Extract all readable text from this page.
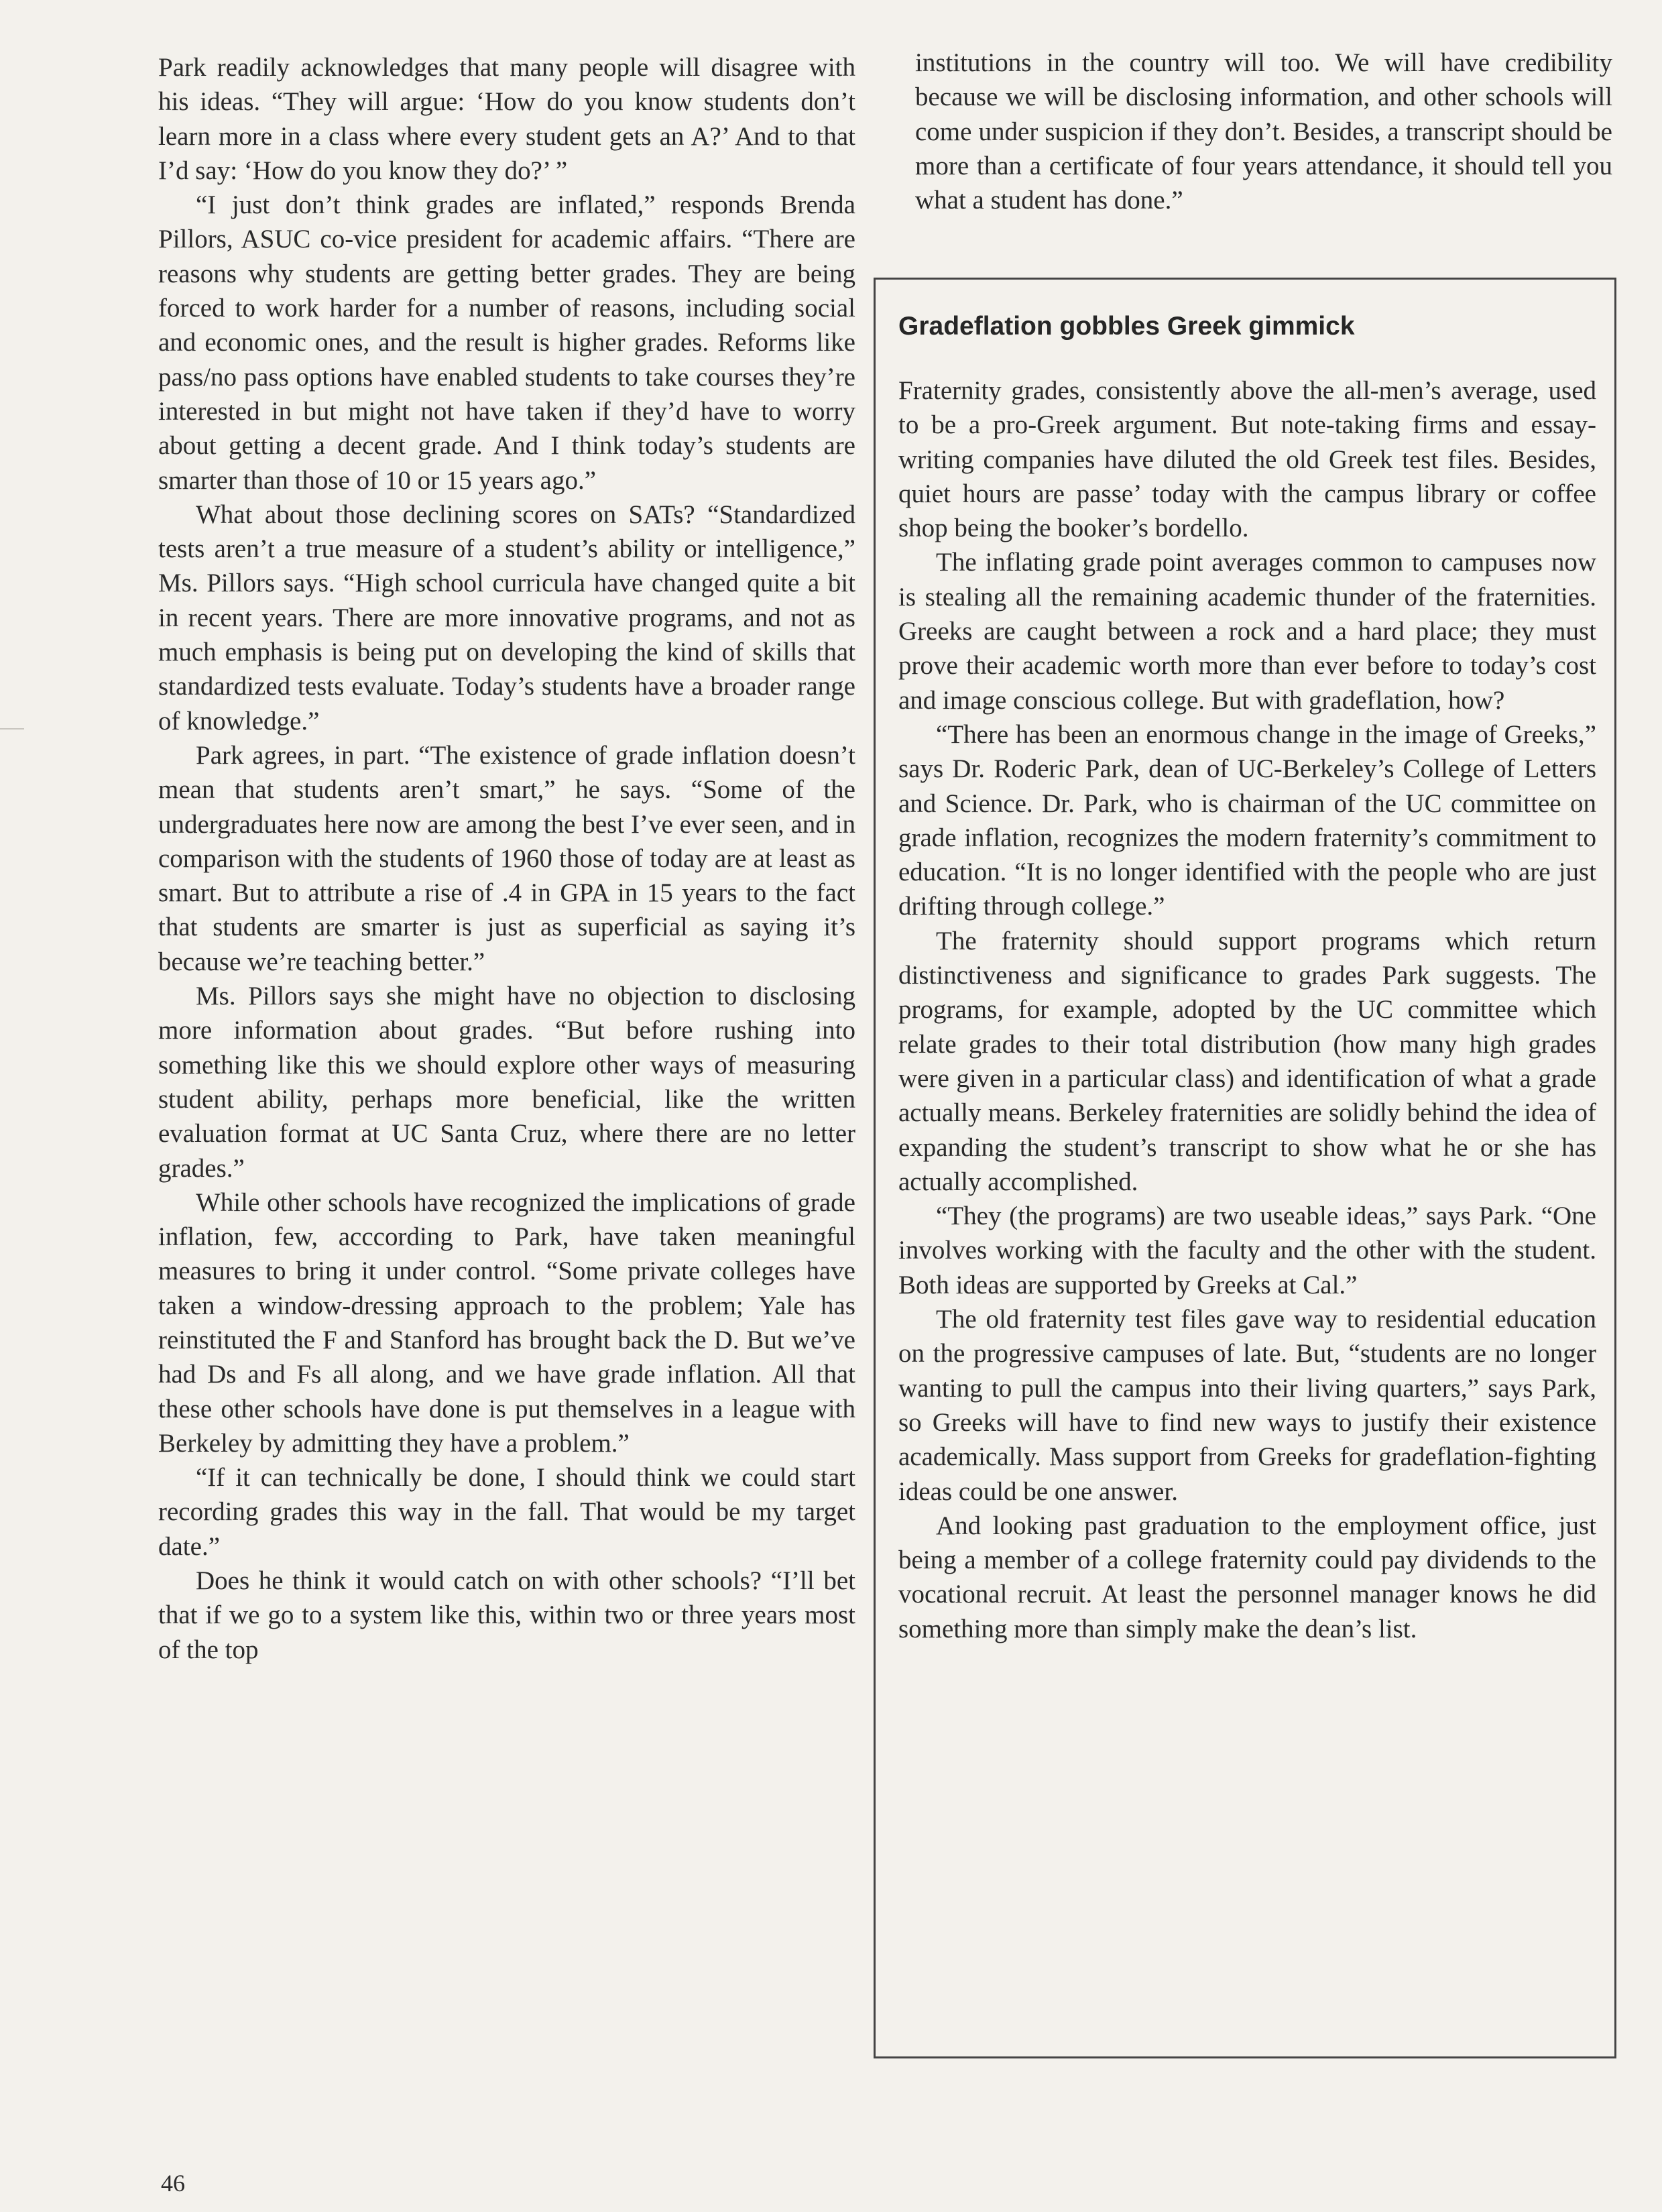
Park readily acknowledges that many people will disagree with his ideas. “They will argue: ‘How do you know students don’t learn more in a class where every student gets an A?’ And to that I’d say: ‘How do you know they do?’ ”

“I just don’t think grades are inflated,” responds Brenda Pillors, ASUC co-vice president for academic affairs. “There are reasons why students are getting better grades. They are being forced to work harder for a number of reasons, including social and economic ones, and the result is higher grades. Reforms like pass/no pass options have enabled students to take courses they’re interested in but might not have taken if they’d have to worry about getting a decent grade. And I think today’s students are smarter than those of 10 or 15 years ago.”

What about those declining scores on SATs? “Standardized tests aren’t a true measure of a student’s ability or intelligence,” Ms. Pillors says. “High school curricula have changed quite a bit in recent years. There are more innovative programs, and not as much emphasis is being put on developing the kind of skills that standardized tests evaluate. Today’s students have a broader range of knowledge.”

Park agrees, in part. “The existence of grade inflation doesn’t mean that students aren’t smart,” he says. “Some of the undergraduates here now are among the best I’ve ever seen, and in comparison with the students of 1960 those of today are at least as smart. But to attribute a rise of .4 in GPA in 15 years to the fact that students are smarter is just as superficial as saying it’s because we’re teaching better.”

Ms. Pillors says she might have no objection to disclosing more information about grades. “But before rushing into something like this we should explore other ways of measuring student ability, perhaps more beneficial, like the written evaluation format at UC Santa Cruz, where there are no letter grades.”

While other schools have recognized the implications of grade inflation, few, acccording to Park, have taken meaningful measures to bring it under control. “Some private colleges have taken a window-dressing approach to the problem; Yale has reinstituted the F and Stanford has brought back the D. But we’ve had Ds and Fs all along, and we have grade inflation. All that these other schools have done is put themselves in a league with Berkeley by admitting they have a problem.”

“If it can technically be done, I should think we could start recording grades this way in the fall. That would be my target date.”

Does he think it would catch on with other schools? “I’ll bet that if we go to a system like this, within two or three years most of the top

institutions in the country will too. We will have credibility because we will be disclosing information, and other schools will come under suspicion if they don’t. Besides, a transcript should be more than a certificate of four years attendance, it should tell you what a student has done.”

Gradeflation gobbles Greek gimmick

Fraternity grades, consistently above the all-men’s average, used to be a pro-Greek argument. But note-taking firms and essay-writing companies have diluted the old Greek test files. Besides, quiet hours are passe’ today with the campus library or coffee shop being the booker’s bordello.

The inflating grade point averages common to campuses now is stealing all the remaining academic thunder of the fraternities. Greeks are caught between a rock and a hard place; they must prove their academic worth more than ever before to today’s cost and image conscious college. But with gradeflation, how?

“There has been an enormous change in the image of Greeks,” says Dr. Roderic Park, dean of UC-Berkeley’s College of Letters and Science. Dr. Park, who is chairman of the UC committee on grade inflation, recognizes the modern fraternity’s commitment to education. “It is no longer identified with the people who are just drifting through college.”

The fraternity should support programs which return distinctiveness and significance to grades Park suggests. The programs, for example, adopted by the UC committee which relate grades to their total distribution (how many high grades were given in a particular class) and identification of what a grade actually means. Berkeley fraternities are solidly behind the idea of expanding the student’s transcript to show what he or she has actually accomplished.

“They (the programs) are two useable ideas,” says Park. “One involves working with the faculty and the other with the student. Both ideas are supported by Greeks at Cal.”

The old fraternity test files gave way to residential education on the progressive campuses of late. But, “students are no longer wanting to pull the campus into their living quarters,” says Park, so Greeks will have to find new ways to justify their existence academically. Mass support from Greeks for gradeflation-fighting ideas could be one answer.

And looking past graduation to the employment office, just being a member of a college fraternity could pay dividends to the vocational recruit. At least the personnel manager knows he did something more than simply make the dean’s list.

46
